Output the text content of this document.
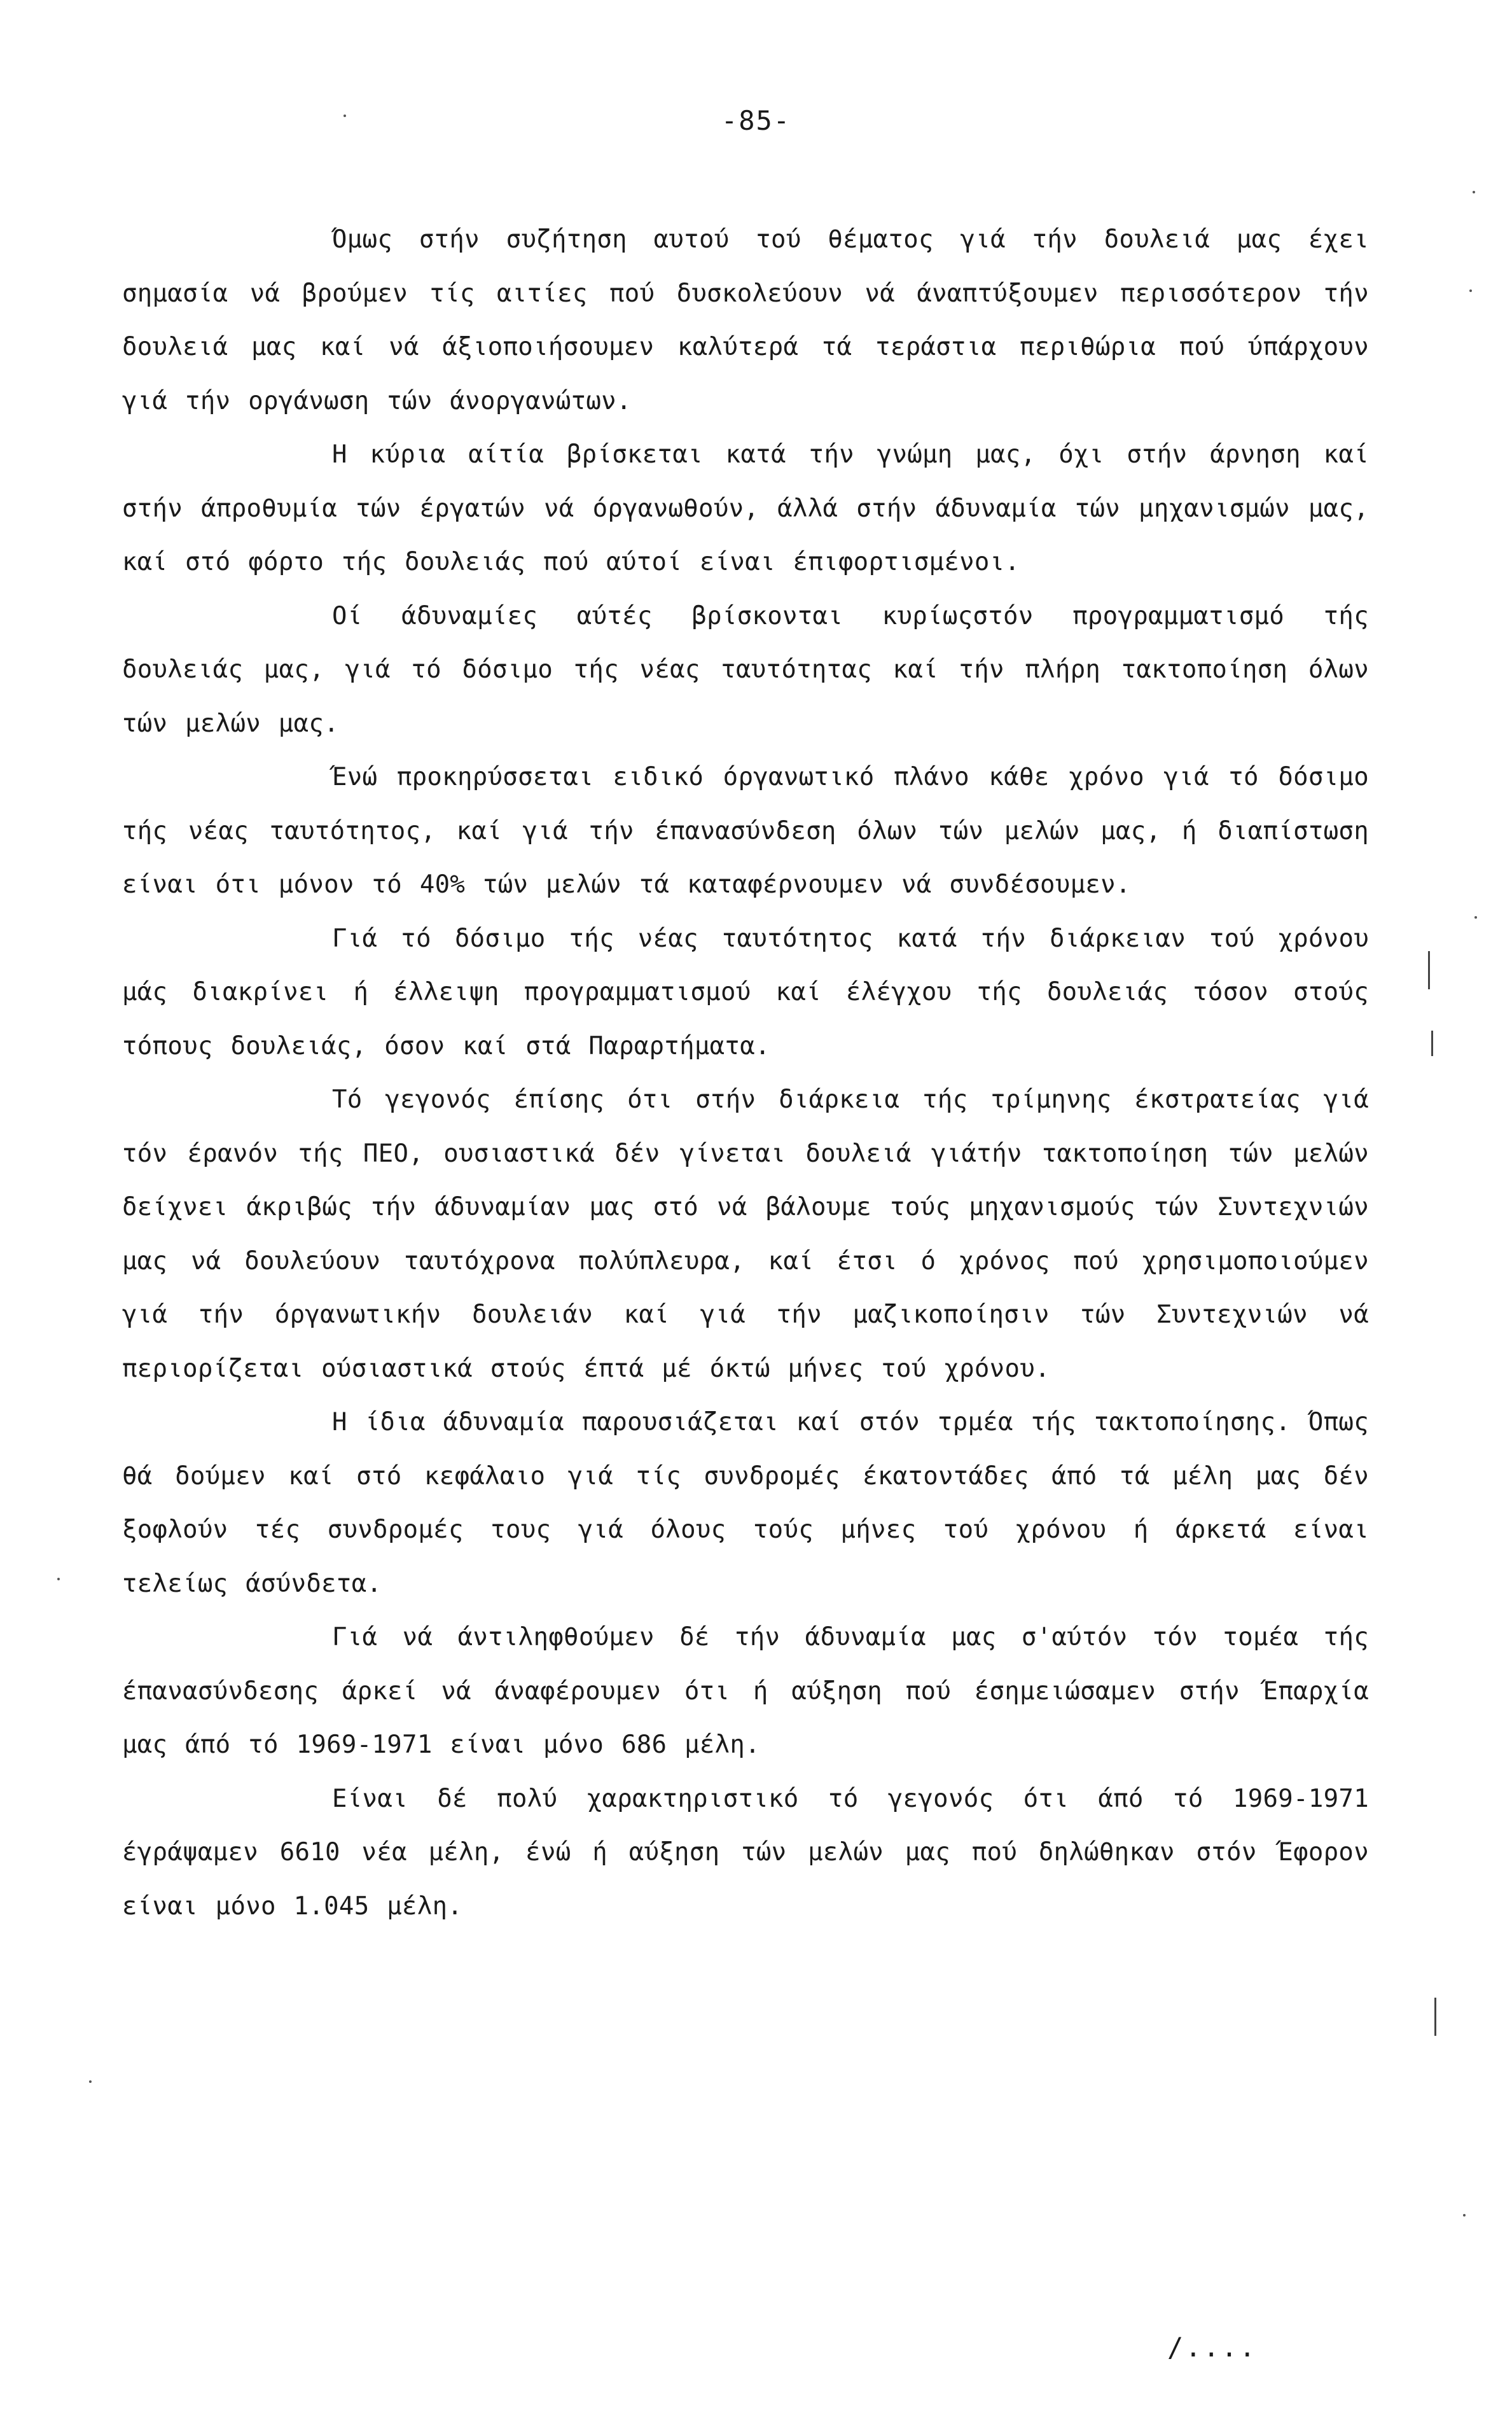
-85-

Όμως στήν συζήτηση αυτού τού θέματος γιά τήν δουλειά μας έχει σημασία νά βρούμεν τίς αιτίες πού δυσκολεύουν νά άναπτύξουμεν περισσότερον τήν δουλειά μας καί νά άξιοποιήσουμεν καλύτερά τά τεράστια περιθώρια πού ύπάρχουν γιά τήν οργάνωση τών άνοργανώτων.

Η κύρια αίτία βρίσκεται κατά τήν γνώμη μας, όχι στήν άρνηση καί στήν άπροθυμία τών έργατών νά όργανωθούν, άλλά στήν άδυναμία τών μηχανισμών μας, καί στό φόρτο τής δουλειάς πού αύτοί είναι έπιφορτισμένοι.

Οί άδυναμίες αύτές βρίσκονται κυρίωςστόν προγραμματισμό τής δουλειάς μας, γιά τό δόσιμο τής νέας ταυτότητας καί τήν πλήρη τακτοποίηση όλων τών μελών μας.

Ένώ προκηρύσσεται ειδικό όργανωτικό πλάνο κάθε χρόνο γιά τό δόσιμο τής νέας ταυτότητος, καί γιά τήν έπανασύνδεση όλων τών μελών μας, ή διαπίστωση είναι ότι μόνον τό 40% τών μελών τά καταφέρνουμεν νά συνδέσουμεν.

Γιά τό δόσιμο τής νέας ταυτότητος κατά τήν διάρκειαν τού χρόνου μάς διακρίνει ή έλλειψη προγραμματισμού καί έλέγχου τής δουλειάς τόσον στούς τόπους δουλειάς, όσον καί στά Παραρτήματα.

Τό γεγονός έπίσης ότι στήν διάρκεια τής τρίμηνης έκστρατείας γιά τόν έρανόν τής ΠΕΟ, ουσιαστικά δέν γίνεται δουλειά γιάτήν τακτοποίηση τών μελών δείχνει άκριβώς τήν άδυναμίαν μας στό νά βάλουμε τούς μηχανισμούς τών Συντεχνιών μας νά δουλεύουν ταυτόχρονα πολύπλευρα, καί έτσι ό χρόνος πού χρησιμοποιούμεν γιά τήν όργανωτικήν δουλειάν καί γιά τήν μαζικοποίησιν τών Συντεχνιών νά περιορίζεται ούσιαστικά στούς έπτά μέ όκτώ μήνες τού χρόνου.

Η ίδια άδυναμία παρουσιάζεται καί στόν τρμέα τής τακτοποίησης. Όπως θά δούμεν καί στό κεφάλαιο γιά τίς συνδρομές έκατοντάδες άπό τά μέλη μας δέν ξοφλούν τές συνδρομές τους γιά όλους τούς μήνες τού χρόνου ή άρκετά είναι τελείως άσύνδετα.

Γιά νά άντιληφθούμεν δέ τήν άδυναμία μας σ'αύτόν τόν τομέα τής έπανασύνδεσης άρκεί νά άναφέρουμεν ότι ή αύξηση πού έσημειώσαμεν στήν Έπαρχία μας άπό τό 1969-1971 είναι μόνο 686 μέλη.

Είναι δέ πολύ χαρακτηριστικό τό γεγονός ότι άπό τό 1969-1971 έγράψαμεν 6610 νέα μέλη, ένώ ή αύξηση τών μελών μας πού δηλώθηκαν στόν Έφορον είναι μόνο 1.045 μέλη.

/....
